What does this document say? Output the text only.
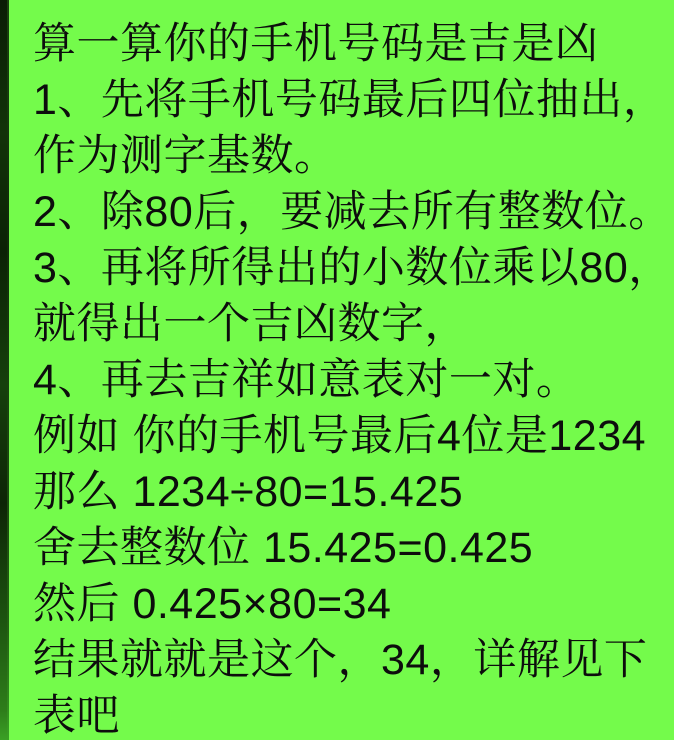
算一算你的手机号码是吉是凶
1、先将手机号码最后四位抽出，
作为测字基数。
2、除80后，要减去所有整数位。
3、再将所得出的小数位乘以80，
就得出一个吉凶数字，
4、再去吉祥如意表对一对。
例如 你的手机号最后4位是1234
那么 1234÷80=15.425
舍去整数位 15.425=0.425
然后 0.425×80=34
结果就就是这个，34，详解见下
表吧
